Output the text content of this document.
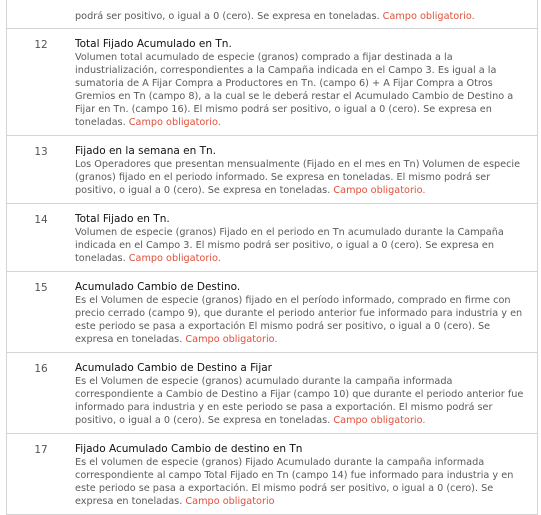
podrá ser positivo, o igual a 0 (cero). Se expresa en toneladas. Campo obligatorio.
12	Total Fijado Acumulado en Tn.
Volumen total acumulado de especie (granos) comprado a fijar destinada a la industrialización, correspondientes a la Campaña indicada en el Campo 3. Es igual a la sumatoria de A Fijar Compra a Productores en Tn. (campo 6) + A Fijar Compra a Otros Gremios en Tn (campo 8), a la cual se le deberá restar el Acumulado Cambio de Destino a Fijar en Tn. (campo 16). El mismo podrá ser positivo, o igual a 0 (cero). Se expresa en toneladas. Campo obligatorio.
13	Fijado en la semana en Tn.
Los Operadores que presentan mensualmente (Fijado en el mes en Tn) Volumen de especie (granos) fijado en el periodo informado. Se expresa en toneladas. El mismo podrá ser positivo, o igual a 0 (cero). Se expresa en toneladas. Campo obligatorio.
14	Total Fijado en Tn.
Volumen de especie (granos) Fijado en el periodo en Tn acumulado durante la Campaña indicada en el Campo 3. El mismo podrá ser positivo, o igual a 0 (cero). Se expresa en toneladas. Campo obligatorio.
15	Acumulado Cambio de Destino.
Es el Volumen de especie (granos) fijado en el período informado, comprado en firme con precio cerrado (campo 9), que durante el periodo anterior fue informado para industria y en este periodo se pasa a exportación El mismo podrá ser positivo, o igual a 0 (cero). Se expresa en toneladas. Campo obligatorio.
16	Acumulado Cambio de Destino a Fijar
Es el Volumen de especie (granos) acumulado durante la campaña informada correspondiente a Cambio de Destino a Fijar (campo 10) que durante el periodo anterior fue informado para industria y en este periodo se pasa a exportación. El mismo podrá ser positivo, o igual a 0 (cero). Se expresa en toneladas. Campo obligatorio.
17	Fijado Acumulado Cambio de destino en Tn
Es el volumen de especie (granos) Fijado Acumulado durante la campaña informada correspondiente al campo Total Fijado en Tn (campo 14) fue informado para industria y en este periodo se pasa a exportación. El mismo podrá ser positivo, o igual a 0 (cero). Se expresa en toneladas. Campo obligatorio
